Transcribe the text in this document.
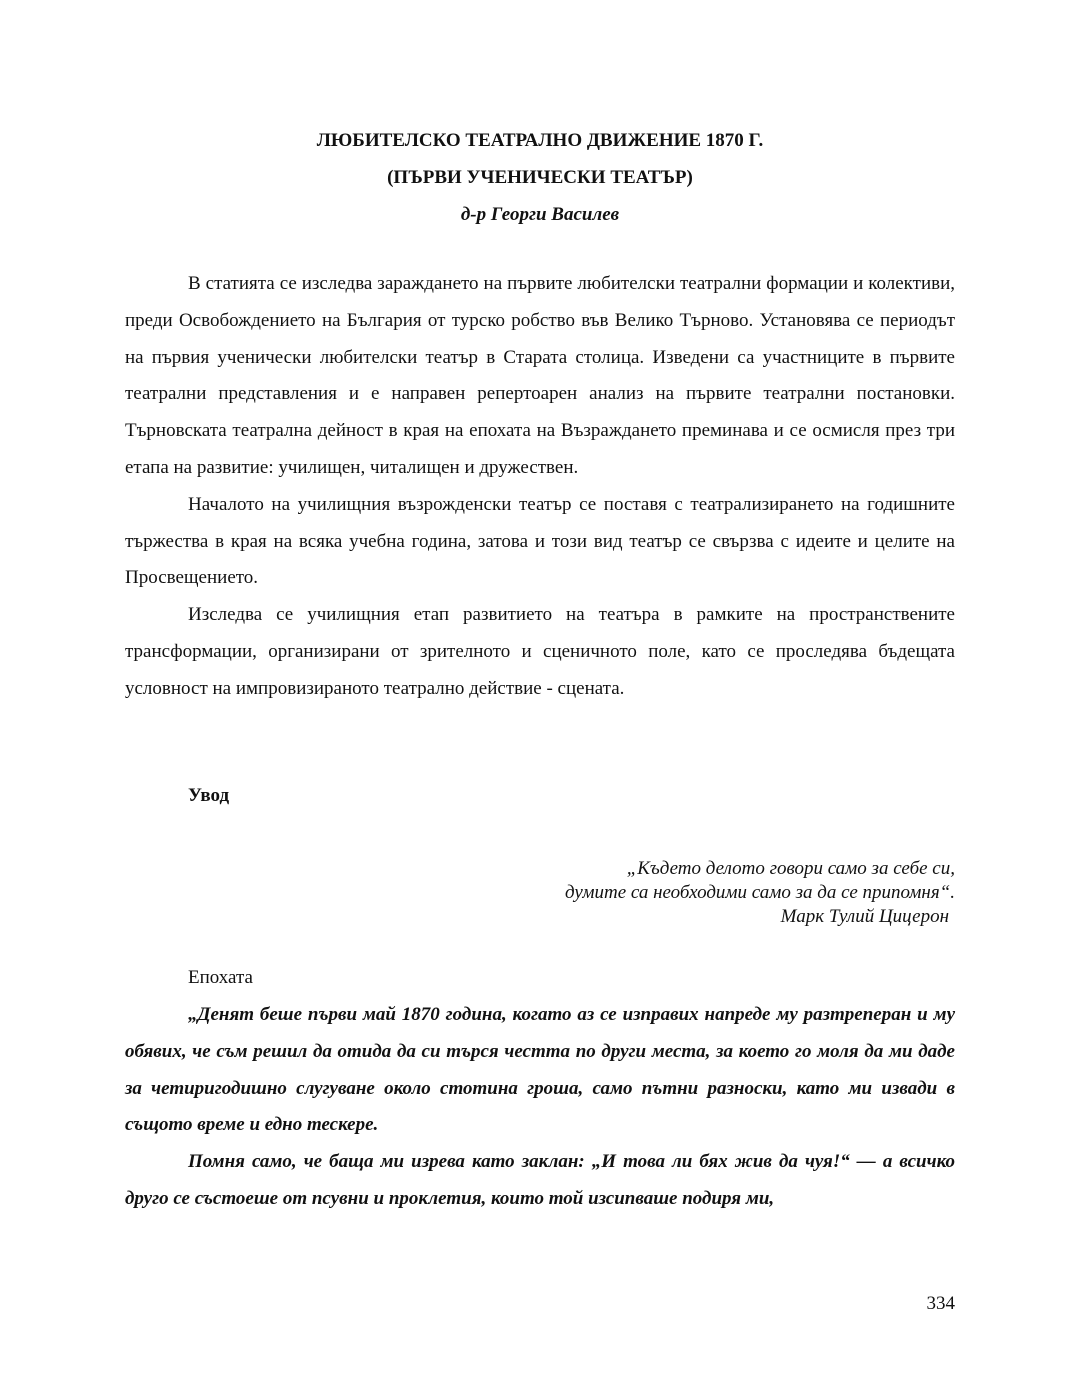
ЛЮБИТЕЛСКО ТЕАТРАЛНО ДВИЖЕНИЕ 1870 Г.

(ПЪРВИ УЧЕНИЧЕСКИ ТЕАТЪР)

д-р Георги Василев

В статията се изследва зараждането на първите любителски театрални формации и колективи, преди Освобождението на България от турско робство във Велико Търново. Установява се периодът на първия ученически любителски театър в Старата столица. Изведени са участниците в първите театрални представления и е направен репертоарен анализ на първите театрални постановки. Търновската театрална дейност в края на епохата на Възраждането преминава и се осмисля през три етапа на развитие: училищен, читалищен и дружествен.

Началото на училищния възрожденски театър се поставя с театрализирането на годишните тържества в края на всяка учебна година, затова и този вид театър се свързва с идеите и целите на Просвещението.

Изследва се училищния етап развитието на театъра в рамките на пространствените трансформации, организирани от зрителното и сценичното поле, като се проследява бъдещата условност на импровизираното театрално действие - сцената.

Увод

„Където делото говори само за себе си,
думите са необходими само за да се припомня“.
Марк Тулий Цицерон
Епохата

„Денят беше първи май 1870 година, когато аз се изправих напреде му разтреперан и му обявих, че съм решил да отида да си търся честта по други места, за което го моля да ми даде за четиригодишно слугуване около стотина гроша, само пътни разноски, като ми извади в същото време и едно тескере.

Помня само, че баща ми изрева като заклан: „И това ли бях жив да чуя!“ — а всичко друго се състоеше от псувни и проклетия, които той изсипваше подиря ми,

334
